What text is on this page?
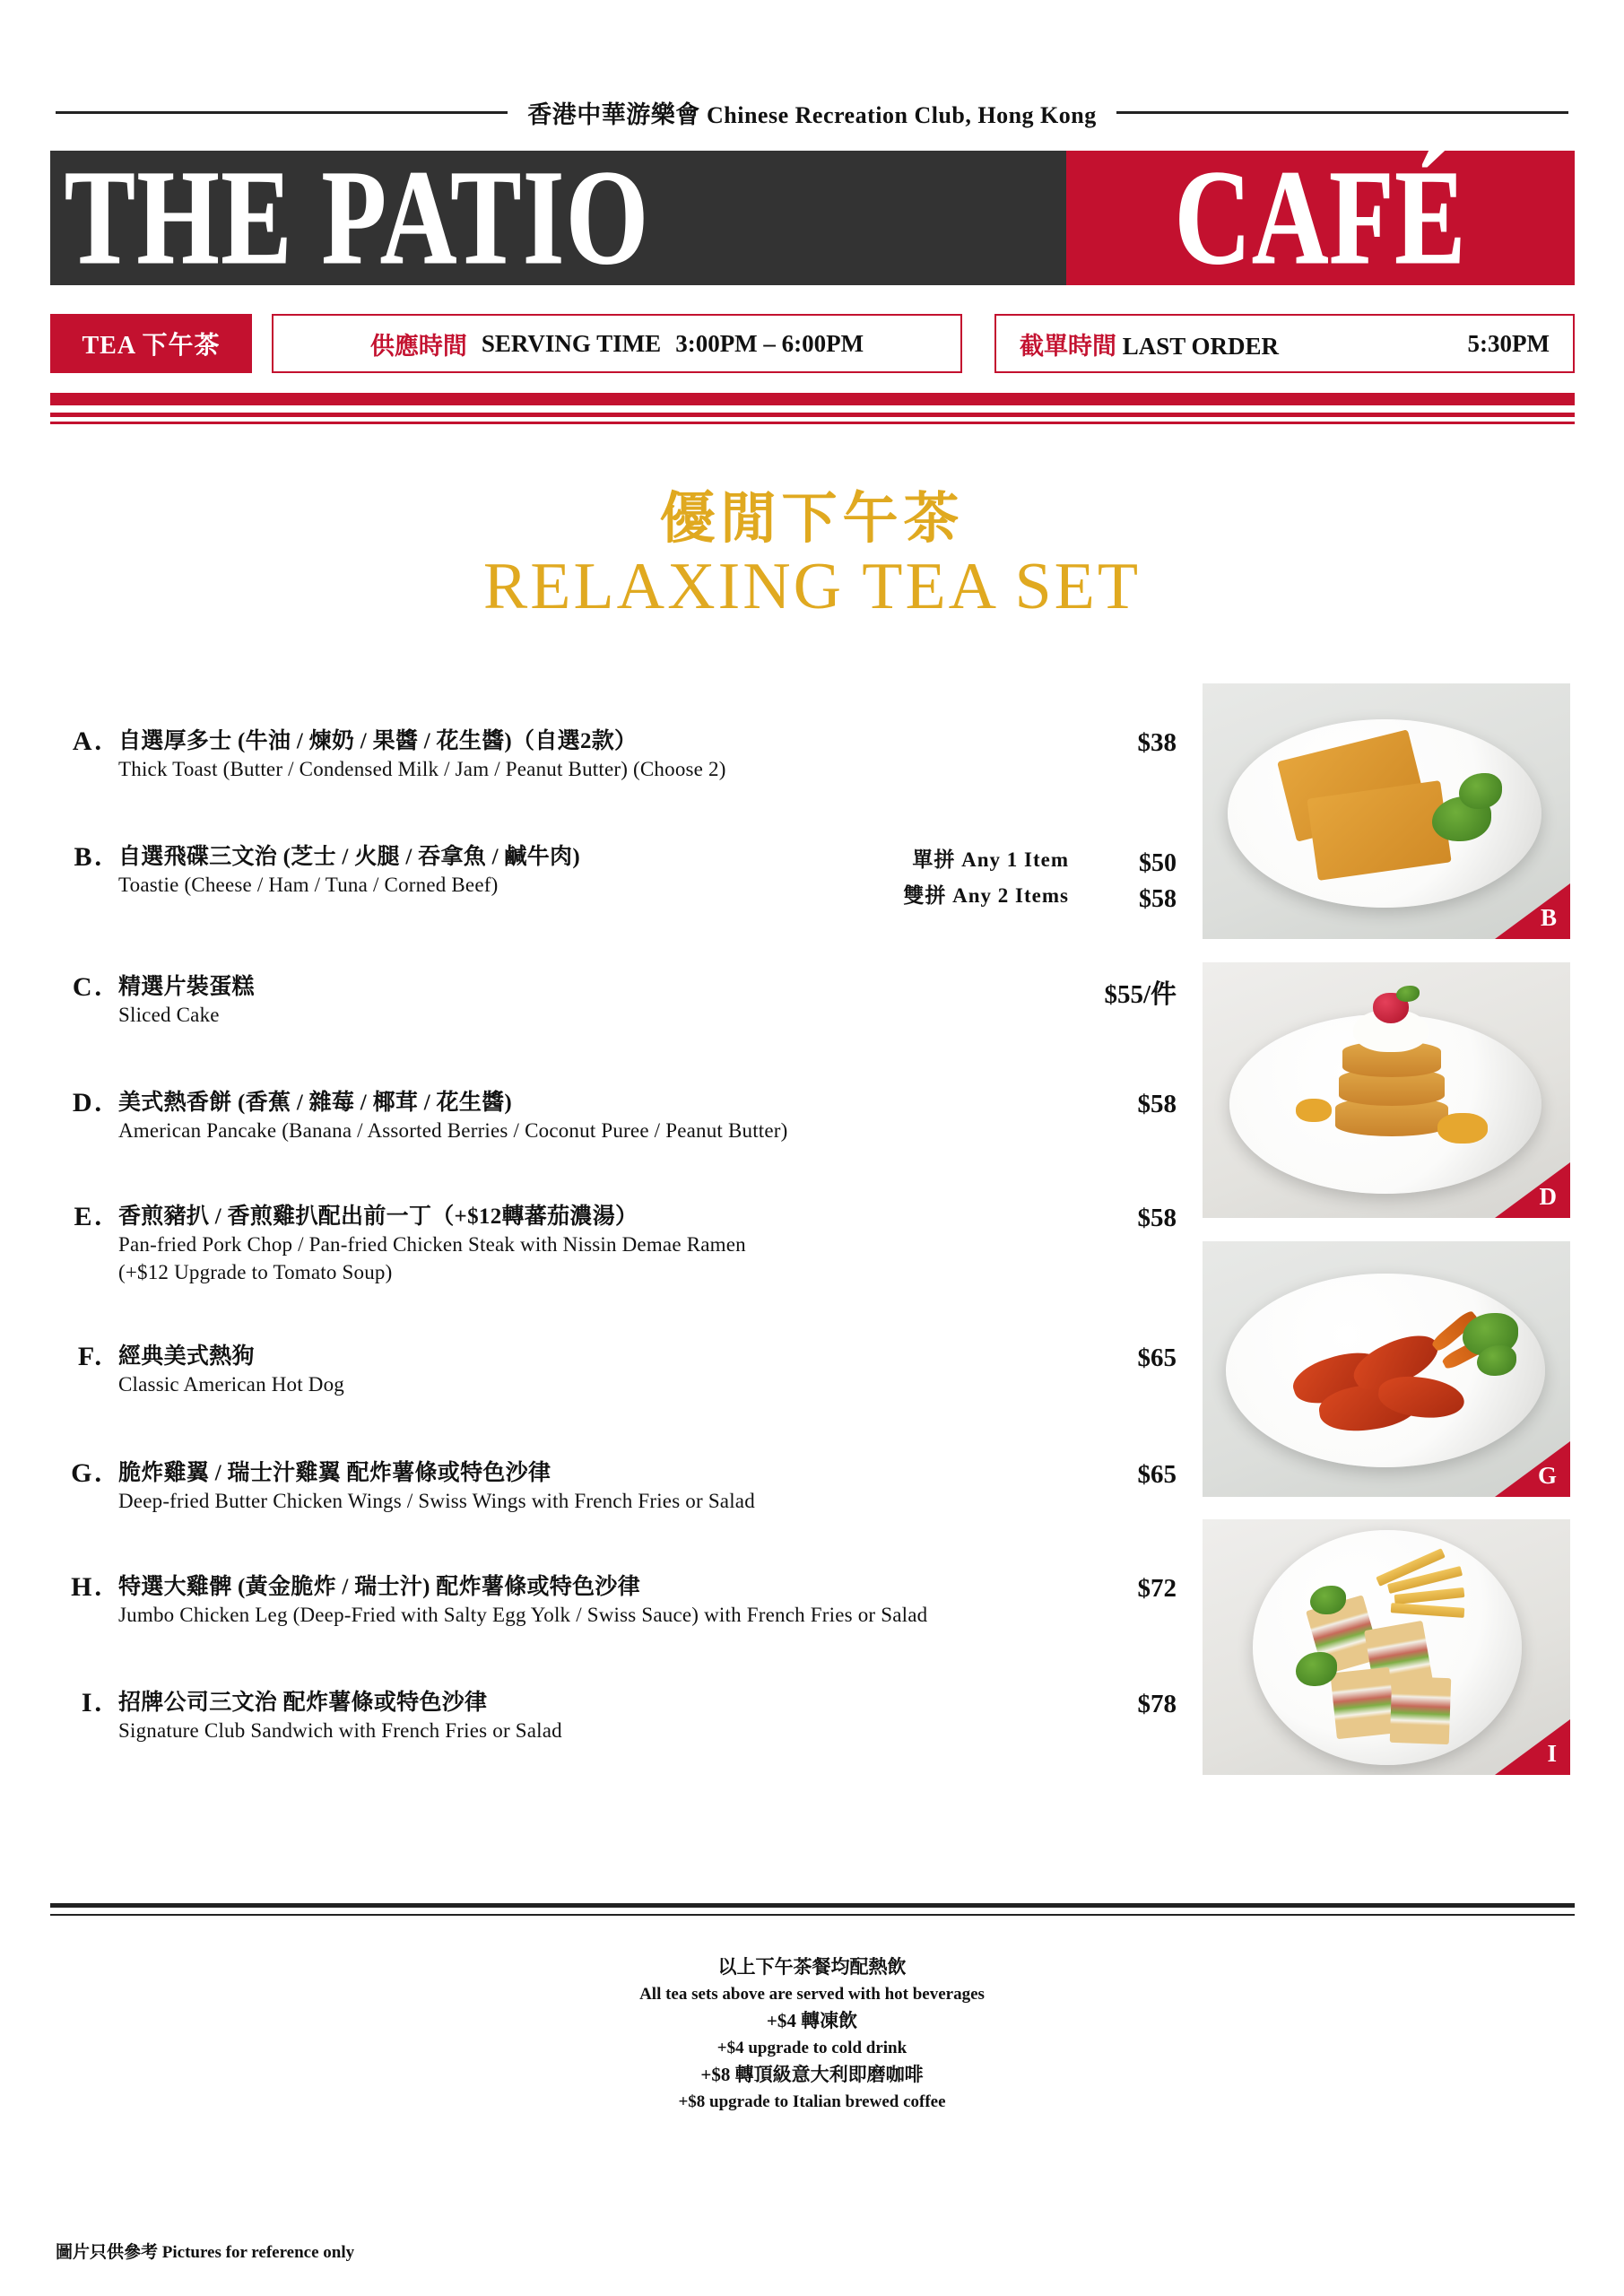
香港中華游樂會 Chinese Recreation Club, Hong Kong
THE PATIO	CAFÉ
TEA 下午茶	供應時間 SERVING TIME 3:00PM – 6:00PM	截單時間 LAST ORDER	5:30PM
優閒下午茶
RELAXING TEA SET
A. 自選厚多士 (牛油 / 煉奶 / 果醬 / 花生醬)（自選2款）
Thick Toast (Butter / Condensed Milk / Jam / Peanut Butter) (Choose 2)
$38
B. 自選飛碟三文治 (芝士 / 火腿 / 吞拿魚 / 鹹牛肉)
Toastie (Cheese / Ham / Tuna / Corned Beef)
單拼 Any 1 Item	$50
雙拼 Any 2 Items	$58
C. 精選片裝蛋糕
Sliced Cake
$55/件
D. 美式熱香餅 (香蕉 / 雜莓 / 椰茸 / 花生醬)
American Pancake (Banana / Assorted Berries / Coconut Puree / Peanut Butter)
$58
E. 香煎豬扒 / 香煎雞扒配出前一丁（+$12轉蕃茄濃湯）
Pan-fried Pork Chop / Pan-fried Chicken Steak with Nissin Demae Ramen
(+$12 Upgrade to Tomato Soup)
$58
F. 經典美式熱狗
Classic American Hot Dog
$65
G. 脆炸雞翼 / 瑞士汁雞翼 配炸薯條或特色沙律
Deep-fried Butter Chicken Wings / Swiss Wings with French Fries or Salad
$65
H. 特選大雞髀 (黃金脆炸 / 瑞士汁) 配炸薯條或特色沙律
Jumbo Chicken Leg (Deep-Fried with Salty Egg Yolk / Swiss Sauce) with French Fries or Salad
$72
I. 招牌公司三文治 配炸薯條或特色沙律
Signature Club Sandwich with French Fries or Salad
$78
B
D
G
I
以上下午茶餐均配熱飲
All tea sets above are served with hot beverages
+$4 轉凍飲
+$4 upgrade to cold drink
+$8 轉頂級意大利即磨咖啡
+$8 upgrade to Italian brewed coffee
圖片只供參考 Pictures for reference only
